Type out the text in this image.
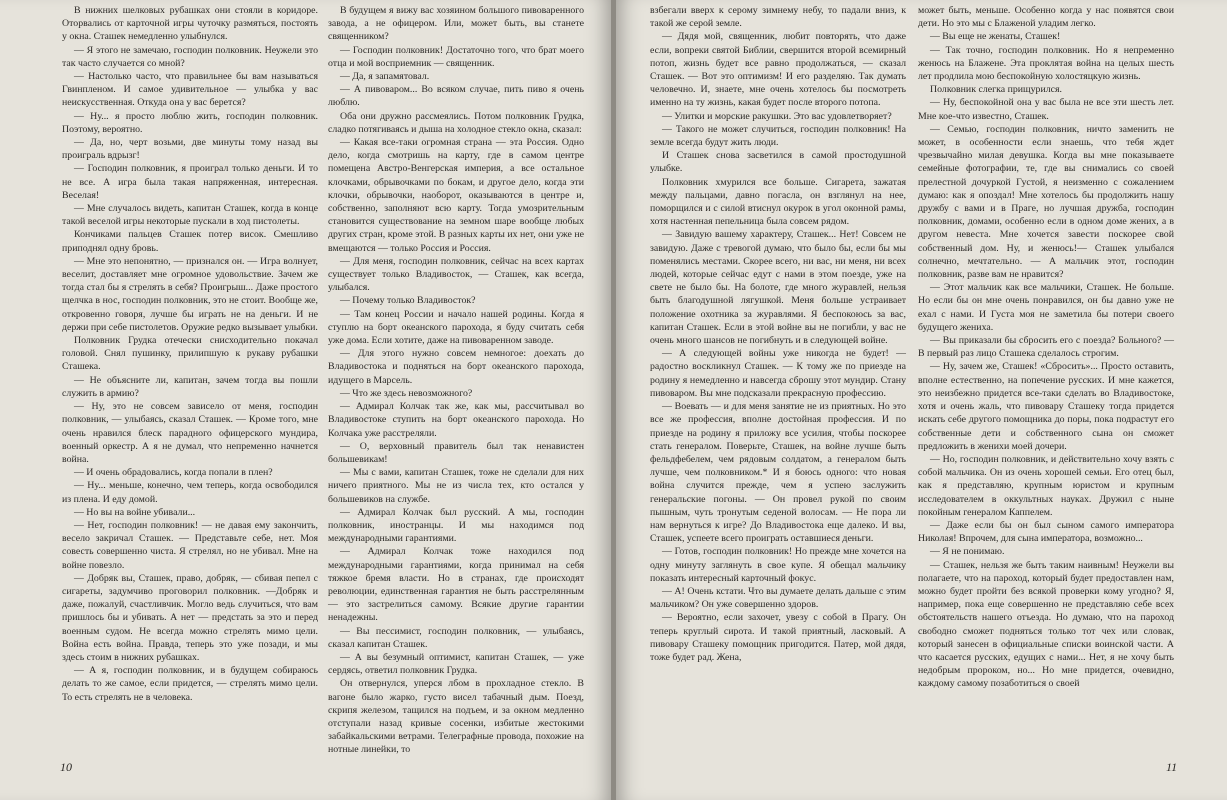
В нижних шелковых рубашках они стояли в коридоре. Оторвались от карточной игры чуточку размяться, постоять у окна. Сташек немедленно улыбнулся.

— Я этого не замечаю, господин полковник. Неужели это так часто случается со мной?

— Настолько часто, что правильнее бы вам называться Гвинпленом. И самое удивительное — улыбка у вас неискусственная. Откуда она у вас берется?

— Ну... я просто люблю жить, господин полковник. Поэтому, вероятно.

— Да, но, черт возьми, две минуты тому назад вы проиграль вдрызг!

— Господин полковник, я проиграл только деньги. И то не все. А игра была такая напряженная, интересная. Веселая!

— Мне случалось видеть, капитан Сташек, когда в конце такой веселой игры некоторые пускали в ход пистолеты.

Кончиками пальцев Сташек потер висок. Смешливо приподнял одну бровь.

— Мне это непонятно, — признался он. — Игра волнует, веселит, доставляет мне огромное удовольствие. Зачем же тогда стал бы я стрелять в себя? Проигрыш... Даже простого щелчка в нос, господин полковник, это не стоит. Вообще же, откровенно говоря, лучше бы играть не на деньги. И не держи при себе пистолетов. Оружие редко вызывает улыбки.

Полковник Грудка отечески снисходительно покачал головой. Снял пушинку, прилипшую к рукаву рубашки Сташека.

— Не объясните ли, капитан, зачем тогда вы пошли служить в армию?

— Ну, это не совсем зависело от меня, господин полковник, — улыбаясь, сказал Сташек. — Кроме того, мне очень нравился блеск парадного офицерского мундира, военный оркестр. А я не думал, что непременно начнется война.

— И очень обрадовались, когда попали в плен?

— Ну... меньше, конечно, чем теперь, когда освободился из плена. И еду домой.

— Но вы на войне убивали...

— Нет, господин полковник! — не давая ему закончить, весело закричал Сташек. — Представьте себе, нет. Моя совесть совершенно чиста. Я стрелял, но не убивал. Мне на войне повезло.

— Добряк вы, Сташек, право, добряк, — сбивая пепел с сигареты, задумчиво проговорил полковник. —Добряк и даже, пожалуй, счастливчик. Могло ведь случиться, что вам пришлось бы и убивать. А нет — предстать за это и перед военным судом. Не всегда можно стрелять мимо цели. Война есть война. Правда, теперь это уже позади, и мы здесь стоим в нижних рубашках.

— А я, господин полковник, и в будущем собираюсь делать то же самое, если придется, — стрелять мимо цели. То есть стрелять не в человека.

В будущем я вижу вас хозяином большого пивоваренного завода, а не офицером. Или, может быть, вы станете священником?

— Господин полковник! Достаточно того, что брат моего отца и мой восприемник — священник.

— Да, я запамятовал.

— А пивоваром... Во всяком случае, пить пиво я очень люблю.

Оба они дружно рассмеялись. Потом полковник Грудка, сладко потягиваясь и дыша на холодное стекло окна, сказал:

— Какая все-таки огромная страна — эта Россия. Одно дело, когда смотришь на карту, где в самом центре помещена Австро-Венгерская империя, а все остальное клочками, обрывочками по бокам, и другое дело, когда эти клочки, обрывочки, наоборот, оказываются в центре и, собственно, заполняют всю карту. Тогда умозрительным становится существование на земном шаре вообще любых других стран, кроме этой. В разных карты их нет, они уже не вмещаются — только Россия и Россия.

— Для меня, господин полковник, сейчас на всех картах существует только Владивосток, — Сташек, как всегда, улыбался.

— Почему только Владивосток?

— Там конец России и начало нашей родины. Когда я ступлю на борт океанского парохода, я буду считать себя уже дома. Если хотите, даже на пивоваренном заводе.

— Для этого нужно совсем немногое: доехать до Владивостока и подняться на борт океанского парохода, идущего в Марсель.

— Что же здесь невозможного?

— Адмирал Колчак так же, как мы, рассчитывал во Владивостоке ступить на борт океанского парохода. Но Колчака уже расстреляли.

— О, верховный правитель был так ненавистен большевикам!

— Мы с вами, капитан Сташек, тоже не сделали для них ничего приятного. Мы не из числа тех, кто остался у большевиков на службе.

— Адмирал Колчак был русский. А мы, господин полковник, иностранцы. И мы находимся под международными гарантиями.

— Адмирал Колчак тоже находился под международными гарантиями, когда принимал на себя тяжкое бремя власти. Но в странах, где происходят революции, единственная гарантия не быть расстрелянным — это застрелиться самому. Всякие другие гарантии ненадежны.

— Вы пессимист, господин полковник, — улыбаясь, сказал капитан Сташек.

— А вы безумный оптимист, капитан Сташек, — уже сердясь, ответил полковник Грудка.

Он отвернулся, уперся лбом в прохладное стекло. В вагоне было жарко, густо висел табачный дым. Поезд, скрипя железом, тащился на подъем, и за окном медленно отступали назад кривые сосенки, избитые жестокими забайкальскими ветрами. Телеграфные провода, похожие на нотные линейки, то

10

взбегали вверх к серому зимнему небу, то падали вниз, к такой же серой земле.

— Дядя мой, священник, любит повторять, что даже если, вопреки святой Библии, свершится второй всемирный потоп, жизнь будет все равно продолжаться, — сказал Сташек. — Вот это оптимизм! И его разделяю. Так думать человечно. И, знаете, мне очень хотелось бы посмотреть именно на ту жизнь, какая будет после второго потопа.

— Улитки и морские ракушки. Это вас удовлетворяет?

— Такого не может случиться, господин полковник! На земле всегда будут жить люди.

И Сташек снова засветился в самой простодушной улыбке.

Полковник хмурился все больше. Сигарета, зажатая между пальцами, давно погасла, он взглянул на нее, поморщился и с силой втиснул окурок в угол оконной рамы, хотя настенная пепельница была совсем рядом.

— Завидую вашему характеру, Сташек... Нет! Совсем не завидую. Даже с тревогой думаю, что было бы, если бы мы поменялись местами. Скорее всего, ни вас, ни меня, ни всех людей, которые сейчас едут с нами в этом поезде, уже на свете не было бы. На болоте, где много журавлей, нельзя быть благодушной лягушкой. Меня больше устраивает положение охотника за журавлями. Я беспокоюсь за вас, капитан Сташек. Если в этой войне вы не погибли, у вас не очень много шансов не погибнуть и в следующей войне.

— А следующей войны уже никогда не будет! — радостно воскликнул Сташек. — К тому же по приезде на родину я немедленно и навсегда сброшу этот мундир. Стану пивоваром. Вы мне подсказали прекрасную профессию.

— Воевать — и для меня занятие не из приятных. Но это все же профессия, вполне достойная профессия. И по приезде на родину я приложу все усилия, чтобы поскорее стать генералом. Поверьте, Сташек, на войне лучше быть фельдфебелем, чем рядовым солдатом, а генералом быть лучше, чем полковником.* И я боюсь одного: что новая война случится прежде, чем я успею заслужить генеральские погоны. — Он провел рукой по своим пышным, чуть тронутым седеной волосам. — Не пора ли нам вернуться к игре? До Владивостока еще далеко. И вы, Сташек, успеете всего проиграть оставшиеся деньги.

— Готов, господин полковник! Но прежде мне хочется на одну минуту заглянуть в свое купе. Я обещал мальчику показать интересный карточный фокус.

— А! Очень кстати. Что вы думаете делать дальше с этим мальчиком? Он уже совершенно здоров.

— Вероятно, если захочет, увезу с собой в Прагу. Он теперь круглый сирота. И такой приятный, ласковый. А пивовару Сташеку помощник пригодится. Патер, мой дядя, тоже будет рад. Жена,

может быть, меньше. Особенно когда у нас появятся свои дети. Но это мы с Блаженой уладим легко.

— Вы еще не женаты, Сташек!

— Так точно, господин полковник. Но я непременно женюсь на Блажене. Эта проклятая война на целых шесть лет продлила мою беспокойную холостяцкую жизнь.

Полковник слегка прищурился.

— Ну, беспокойной она у вас была не все эти шесть лет. Мне кое-что известно, Сташек.

— Семью, господин полковник, ничто заменить не может, в особенности если знаешь, что тебя ждет чрезвычайно милая девушка. Когда вы мне показываете семейные фотографии, те, где вы снимались со своей прелестной дочуркой Густой, я неизменно с сожалением думаю: как я опоздал! Мне хотелось бы продолжить нашу дружбу с вами и в Праге, но лучшая дружба, господин полковник, домами, особенно если в одном доме жених, а в другом невеста. Мне хочется завести поскорее свой собственный дом. Ну, и женюсь!— Сташек улыбался солнечно, мечтательно. — А мальчик этот, господин полковник, разве вам не нравится?

— Этот мальчик как все мальчики, Сташек. Не больше. Но если бы он мне очень понравился, он бы давно уже не ехал с нами. И Густа моя не заметила бы потери своего будущего жениха.

— Вы приказали бы сбросить его с поезда? Больного? — В первый раз лицо Сташека сделалось строгим.

— Ну, зачем же, Сташек! «Сбросить»... Просто оставить, вполне естественно, на попечение русских. И мне кажется, это неизбежно придется все-таки сделать во Владивостоке, хотя и очень жаль, что пивовару Сташеку тогда придется искать себе другого помощника до поры, пока подрастут его собственные дети и собственного сына он сможет предложить в женихи моей дочери.

— Но, господин полковник, и действительно хочу взять с собой мальчика. Он из очень хорошей семьи. Его отец был, как я представляю, крупным юристом и крупным исследователем в оккультных науках. Дружил с ныне покойным генералом Каппелем.

— Даже если бы он был сыном самого императора Николая! Впрочем, для сына императора, возможно...

— Я не понимаю.

— Сташек, нельзя же быть таким наивным! Неужели вы полагаете, что на пароход, который будет предоставлен нам, можно будет пройти без всякой проверки кому угодно? Я, например, пока еще совершенно не представляю себе всех обстоятельств нашего отъезда. Но думаю, что на пароход свободно сможет подняться только тот чех или словак, который занесен в официальные списки воинской части. А что касается русских, едущих с нами... Нет, я не хочу быть недобрым пророком, но... Но мне придется, очевидно, каждому самому позаботиться о своей

11
